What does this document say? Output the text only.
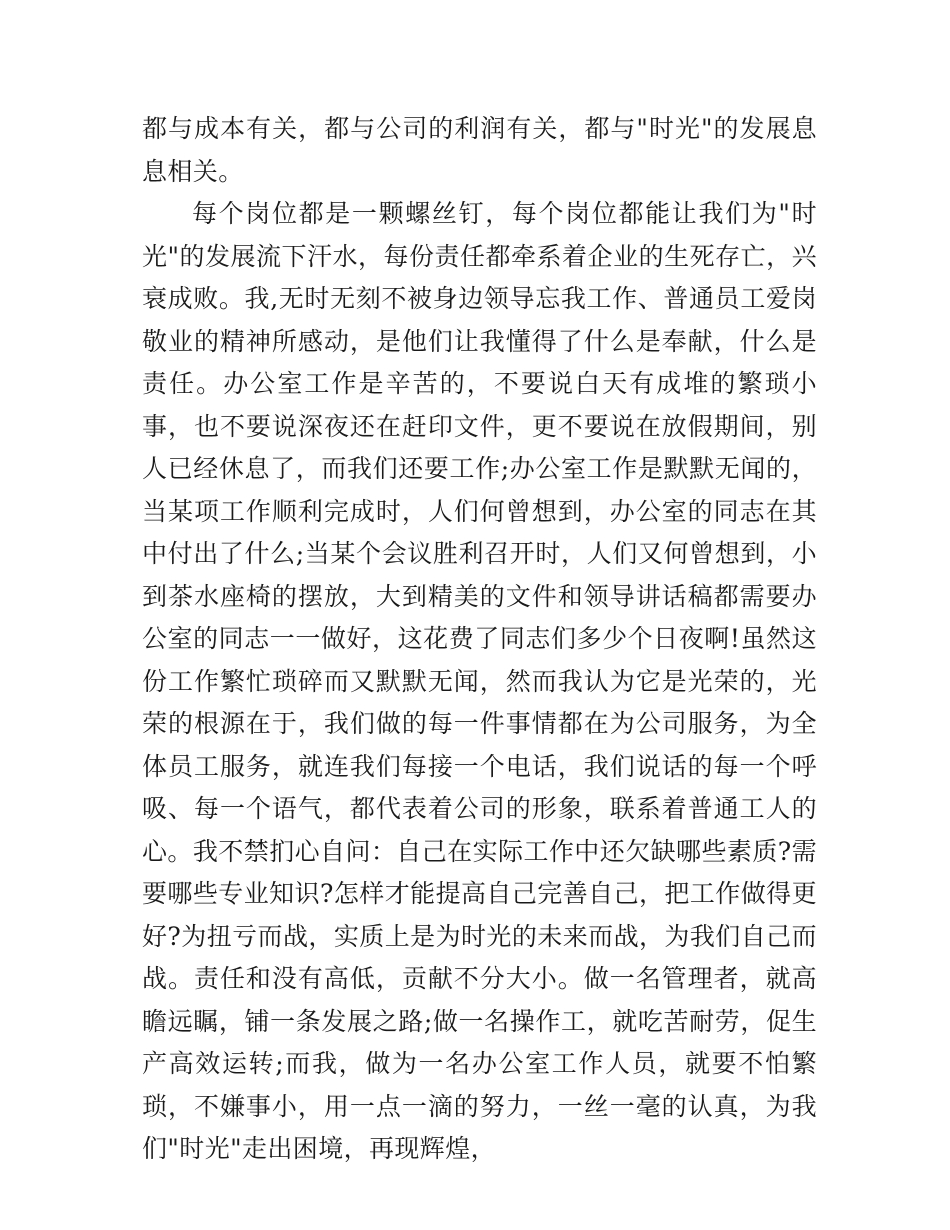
都与成本有关，都与公司的利润有关，都与"时光"的发展息息相关。

每个岗位都是一颗螺丝钉，每个岗位都能让我们为"时光"的发展流下汗水，每份责任都牵系着企业的生死存亡，兴衰成败。我,无时无刻不被身边领导忘我工作、普通员工爱岗敬业的精神所感动，是他们让我懂得了什么是奉献，什么是责任。办公室工作是辛苦的，不要说白天有成堆的繁琐小事，也不要说深夜还在赶印文件，更不要说在放假期间，别人已经休息了，而我们还要工作;办公室工作是默默无闻的，当某项工作顺利完成时，人们何曾想到，办公室的同志在其中付出了什么;当某个会议胜利召开时，人们又何曾想到，小到茶水座椅的摆放，大到精美的文件和领导讲话稿都需要办公室的同志一一做好，这花费了同志们多少个日夜啊!虽然这份工作繁忙琐碎而又默默无闻，然而我认为它是光荣的，光荣的根源在于，我们做的每一件事情都在为公司服务，为全体员工服务，就连我们每接一个电话，我们说话的每一个呼吸、每一个语气，都代表着公司的形象，联系着普通工人的心。我不禁扪心自问：自己在实际工作中还欠缺哪些素质?需要哪些专业知识?怎样才能提高自己完善自己，把工作做得更好?为扭亏而战，实质上是为时光的未来而战，为我们自己而战。责任和没有高低，贡献不分大小。做一名管理者，就高瞻远瞩，铺一条发展之路;做一名操作工，就吃苦耐劳，促生产高效运转;而我，做为一名办公室工作人员，就要不怕繁琐，不嫌事小，用一点一滴的努力，一丝一毫的认真，为我们"时光"走出困境，再现辉煌，
